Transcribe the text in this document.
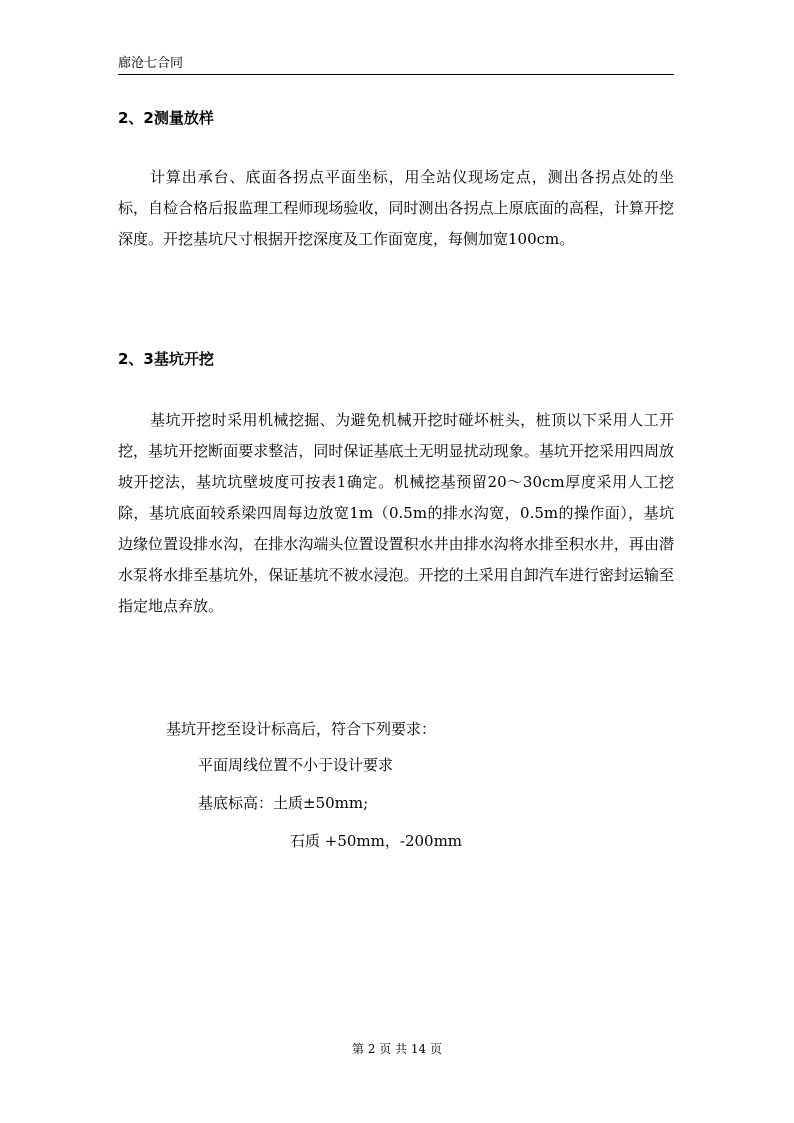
廊沧七合同
2、2测量放样

计算出承台、底面各拐点平面坐标，用全站仪现场定点，测出各拐点处的坐标，自检合格后报监理工程师现场验收，同时测出各拐点上原底面的高程，计算开挖深度。开挖基坑尺寸根据开挖深度及工作面宽度，每侧加宽100cm。

2、3基坑开挖

基坑开挖时采用机械挖掘、为避免机械开挖时碰坏桩头，桩顶以下采用人工开挖，基坑开挖断面要求整洁，同时保证基底土无明显扰动现象。基坑开挖采用四周放坡开挖法，基坑坑壁坡度可按表1确定。机械挖基预留20～30cm厚度采用人工挖除，基坑底面较系梁四周每边放宽1m（0.5m的排水沟宽，0.5m的操作面），基坑边缘位置设排水沟，在排水沟端头位置设置积水井由排水沟将水排至积水井，再由潜水泵将水排至基坑外，保证基坑不被水浸泡。开挖的土采用自卸汽车进行密封运输至指定地点弃放。

基坑开挖至设计标高后，符合下列要求：
平面周线位置不小于设计要求
基底标高：土质±50mm;
石质 +50mm，-200mm
第 2 页 共 14 页
